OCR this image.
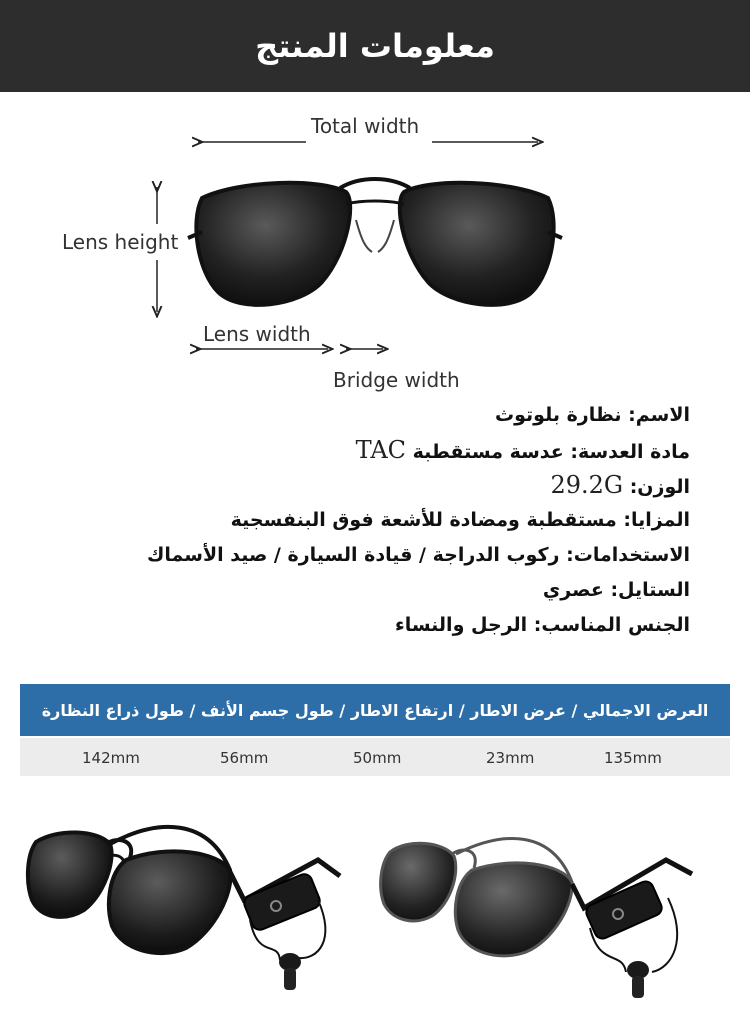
معلومات المنتج
Total width
Lens height
Lens width
Bridge width
الاسم: نظارة بلوتوث
مادة العدسة: عدسة مستقطبة TAC
الوزن: 29.2G
المزايا: مستقطبة ومضادة للأشعة فوق البنفسجية
الاستخدامات: ركوب الدراجة / قيادة السيارة / صيد الأسماك
الستايل: عصري
الجنس المناسب: الرجل والنساء
العرض الاجمالي / عرض الاطار / ارتفاع الاطار / طول جسم الأنف / طول ذراع النظارة
142mm	56mm	50mm	23mm	135mm
